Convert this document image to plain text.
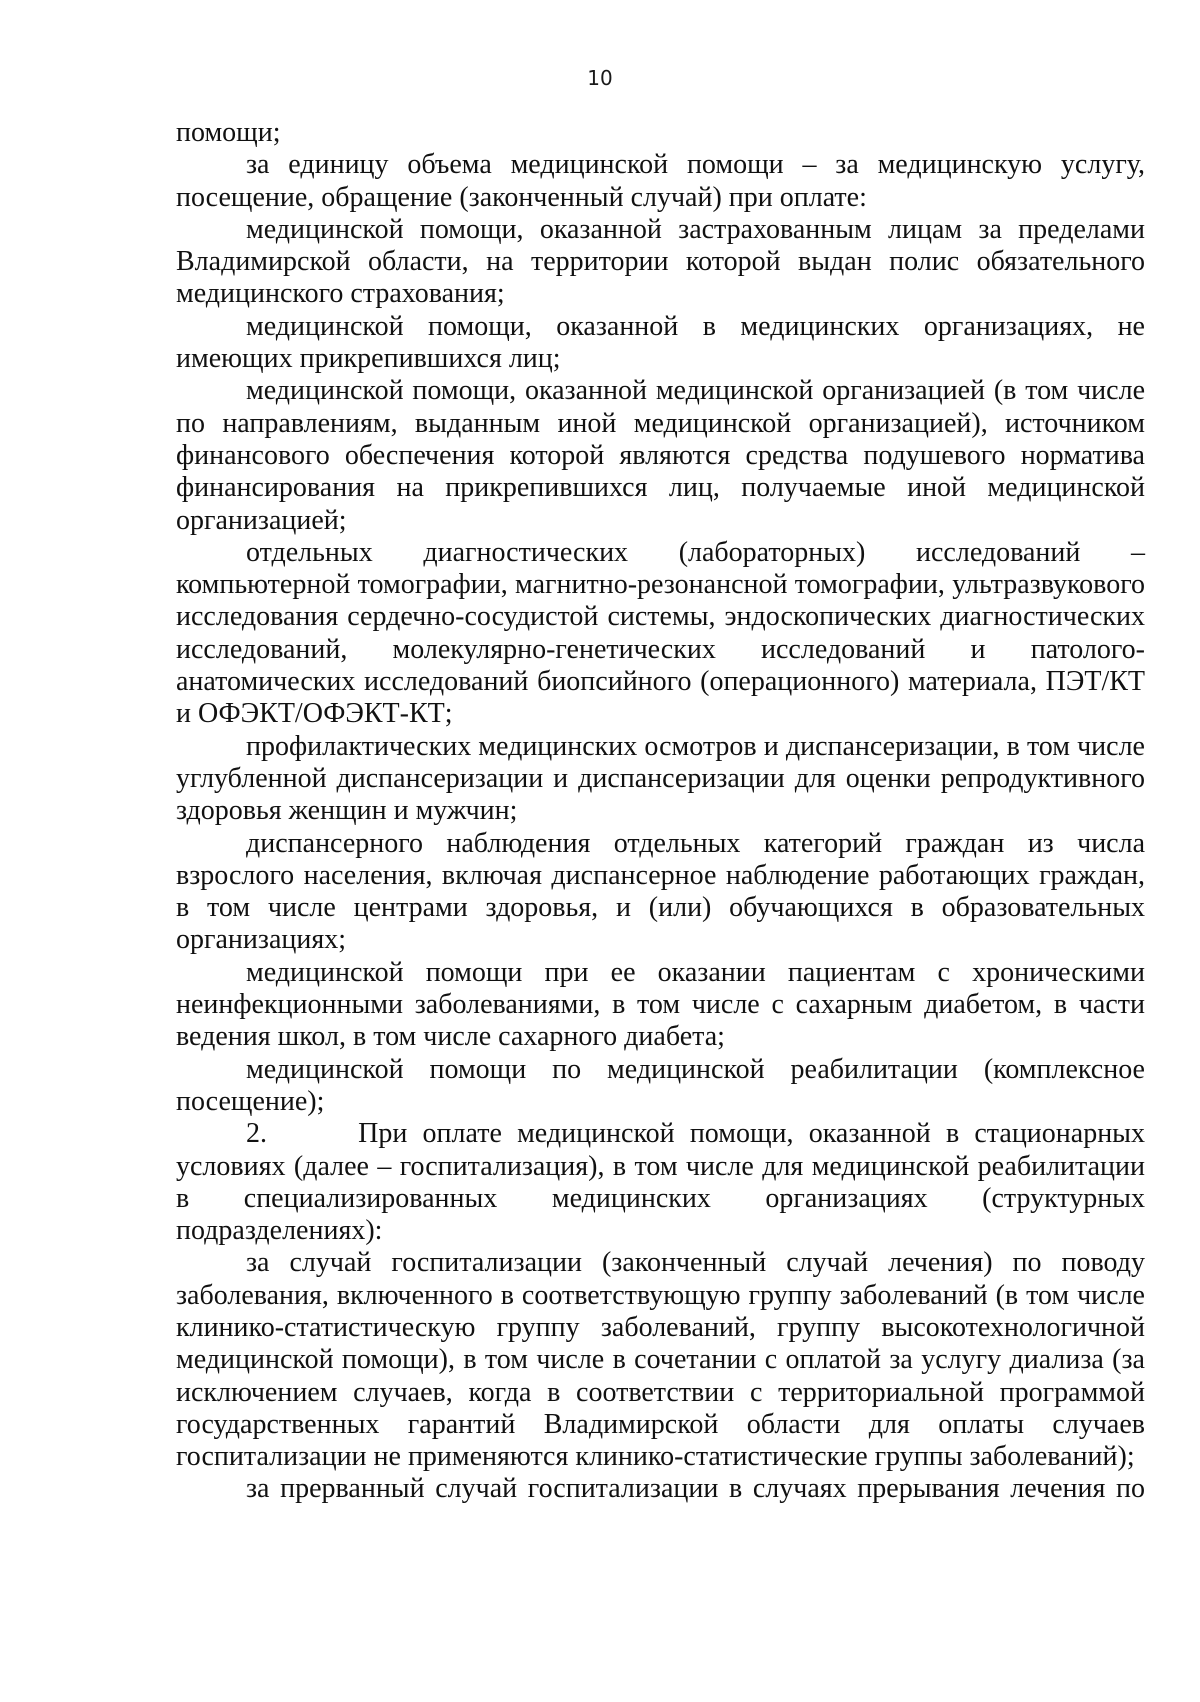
10

помощи;

за единицу объема медицинской помощи – за медицинскую услугу, посещение, обращение (законченный случай) при оплате:

медицинской помощи, оказанной застрахованным лицам за пределами Владимирской области, на территории которой выдан полис обязательного медицинского страхования;

медицинской помощи, оказанной в медицинских организациях, не имеющих прикрепившихся лиц;

медицинской помощи, оказанной медицинской организацией (в том числе по направлениям, выданным иной медицинской организацией), источником финансового обеспечения которой являются средства подушевого норматива финансирования на прикрепившихся лиц, получаемые иной медицинской организацией;

отдельных диагностических (лабораторных) исследований – компьютерной томографии, магнитно-резонансной томографии, ультразвукового исследования сердечно-сосудистой системы, эндоскопических диагностических исследований, молекулярно-генетических исследований и патолого-анатомических исследований биопсийного (операционного) материала, ПЭТ/КТ и ОФЭКТ/ОФЭКТ-КТ;

профилактических медицинских осмотров и диспансеризации, в том числе углубленной диспансеризации и диспансеризации для оценки репродуктивного здоровья женщин и мужчин;

диспансерного наблюдения отдельных категорий граждан из числа взрослого населения, включая диспансерное наблюдение работающих граждан, в том числе центрами здоровья, и (или) обучающихся в образовательных организациях;

медицинской помощи при ее оказании пациентам с хроническими неинфекционными заболеваниями, в том числе с сахарным диабетом, в части ведения школ, в том числе сахарного диабета;

медицинской помощи по медицинской реабилитации (комплексное посещение);

2.      При оплате медицинской помощи, оказанной в стационарных условиях (далее – госпитализация), в том числе для медицинской реабилитации в специализированных медицинских организациях (структурных подразделениях):

за случай госпитализации (законченный случай лечения) по поводу заболевания, включенного в соответствующую группу заболеваний (в том числе клинико-статистическую группу заболеваний, группу высокотехнологичной медицинской помощи), в том числе в сочетании с оплатой за услугу диализа (за исключением случаев, когда в соответствии с территориальной программой государственных гарантий Владимирской области для оплаты случаев госпитализации не применяются клинико-статистические группы заболеваний);

за прерванный случай госпитализации в случаях прерывания лечения по
